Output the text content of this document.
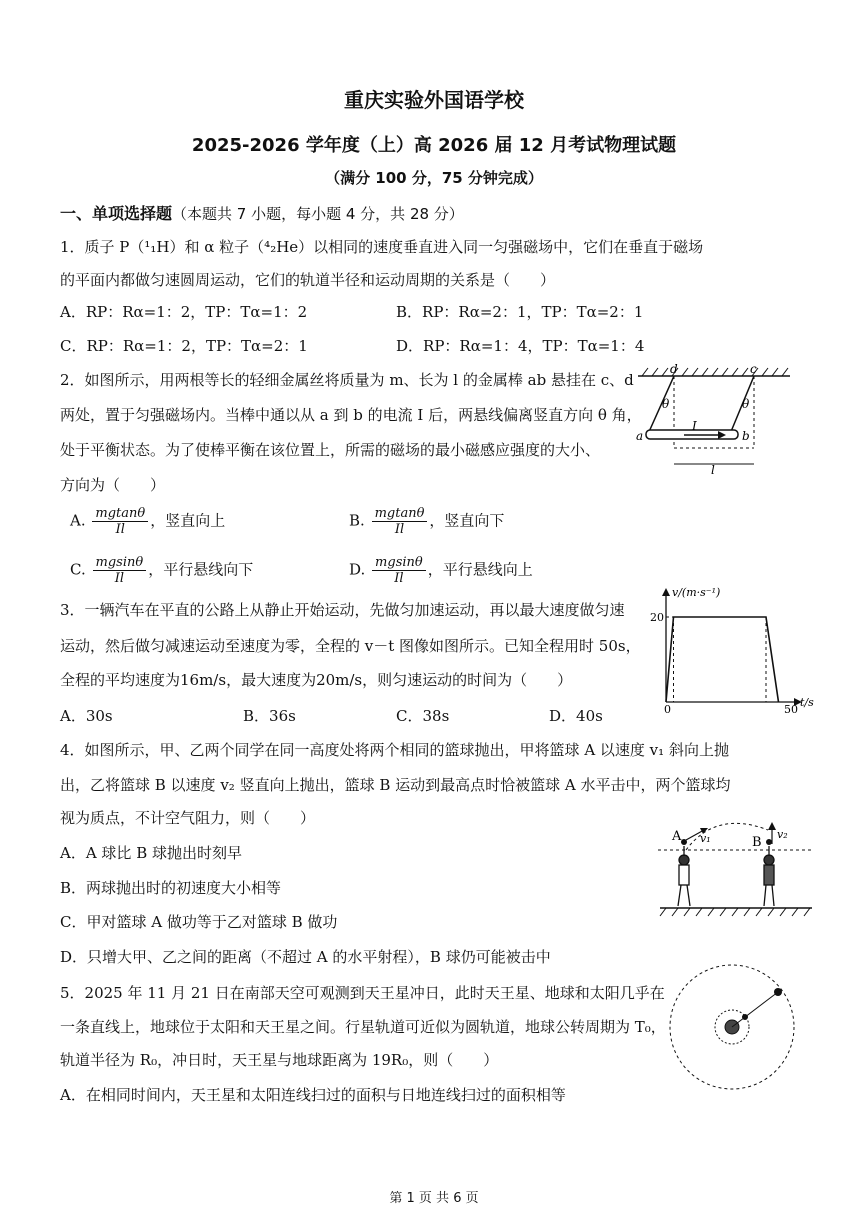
重庆实验外国语学校
2025-2026 学年度（上）高 2026 届 12 月考试物理试题
（满分 100 分，75 分钟完成）
一、单项选择题（本题共 7 小题，每小题 4 分，共 28 分）
1．质子 P（¹₁H）和 α 粒子（⁴₂He）以相同的速度垂直进入同一匀强磁场中，它们在垂直于磁场
的平面内都做匀速圆周运动，它们的轨道半径和运动周期的关系是（　　）
A．RP：Rα=1：2，TP：Tα=1：2	B．RP：Rα=2：1，TP：Tα=2：1
C．RP：Rα=1：2，TP：Tα=2：1	D．RP：Rα=1：4，TP：Tα=1：4
2．如图所示，用两根等长的轻细金属丝将质量为 m、长为 l 的金属棒 ab 悬挂在 c、d
两处，置于匀强磁场内。当棒中通以从 a 到 b 的电流 I 后，两悬线偏离竖直方向 θ 角，
处于平衡状态。为了使棒平衡在该位置上，所需的磁场的最小磁感应强度的大小、
方向为（　　）
A. $\frac{mgtan\theta}{Il}$ ，竖直向上	B. $\frac{mgtan\theta}{Il}$ ，竖直向下
C. $\frac{mgsin\theta}{Il}$ ，平行悬线向下	D. $\frac{mgsin\theta}{Il}$ ，平行悬线向上
d	c
a	b
I
l
θ	θ
3．一辆汽车在平直的公路上从静止开始运动，先做匀加速运动，再以最大速度做匀速
运动，然后做匀减速运动至速度为零，全程的 v－t 图像如图所示。已知全程用时 50s，
全程的平均速度为16m/s，最大速度为20m/s，则匀速运动的时间为（　　）
A．30s	B．36s	C．38s	D．40s
v/(m·s⁻¹)
t/s
0
20
50
4．如图所示，甲、乙两个同学在同一高度处将两个相同的篮球抛出，甲将篮球 A 以速度 v₁ 斜向上抛
出，乙将篮球 B 以速度 v₂ 竖直向上抛出，篮球 B 运动到最高点时恰被篮球 A 水平击中，两个篮球均
视为质点，不计空气阻力，则（　　）
A．A 球比 B 球抛出时刻早
B．两球抛出时的初速度大小相等
C．甲对篮球 A 做功等于乙对篮球 B 做功
D．只增大甲、乙之间的距离（不超过 A 的水平射程），B 球仍可能被击中
A	B
v₁	v₂
5．2025 年 11 月 21 日在南部天空可观测到天王星冲日，此时天王星、地球和太阳几乎在
一条直线上，地球位于太阳和天王星之间。行星轨道可近似为圆轨道，地球公转周期为 T₀，
轨道半径为 R₀，冲日时，天王星与地球距离为 19R₀，则（　　）
A．在相同时间内，天王星和太阳连线扫过的面积与日地连线扫过的面积相等
第 1 页 共 6 页
